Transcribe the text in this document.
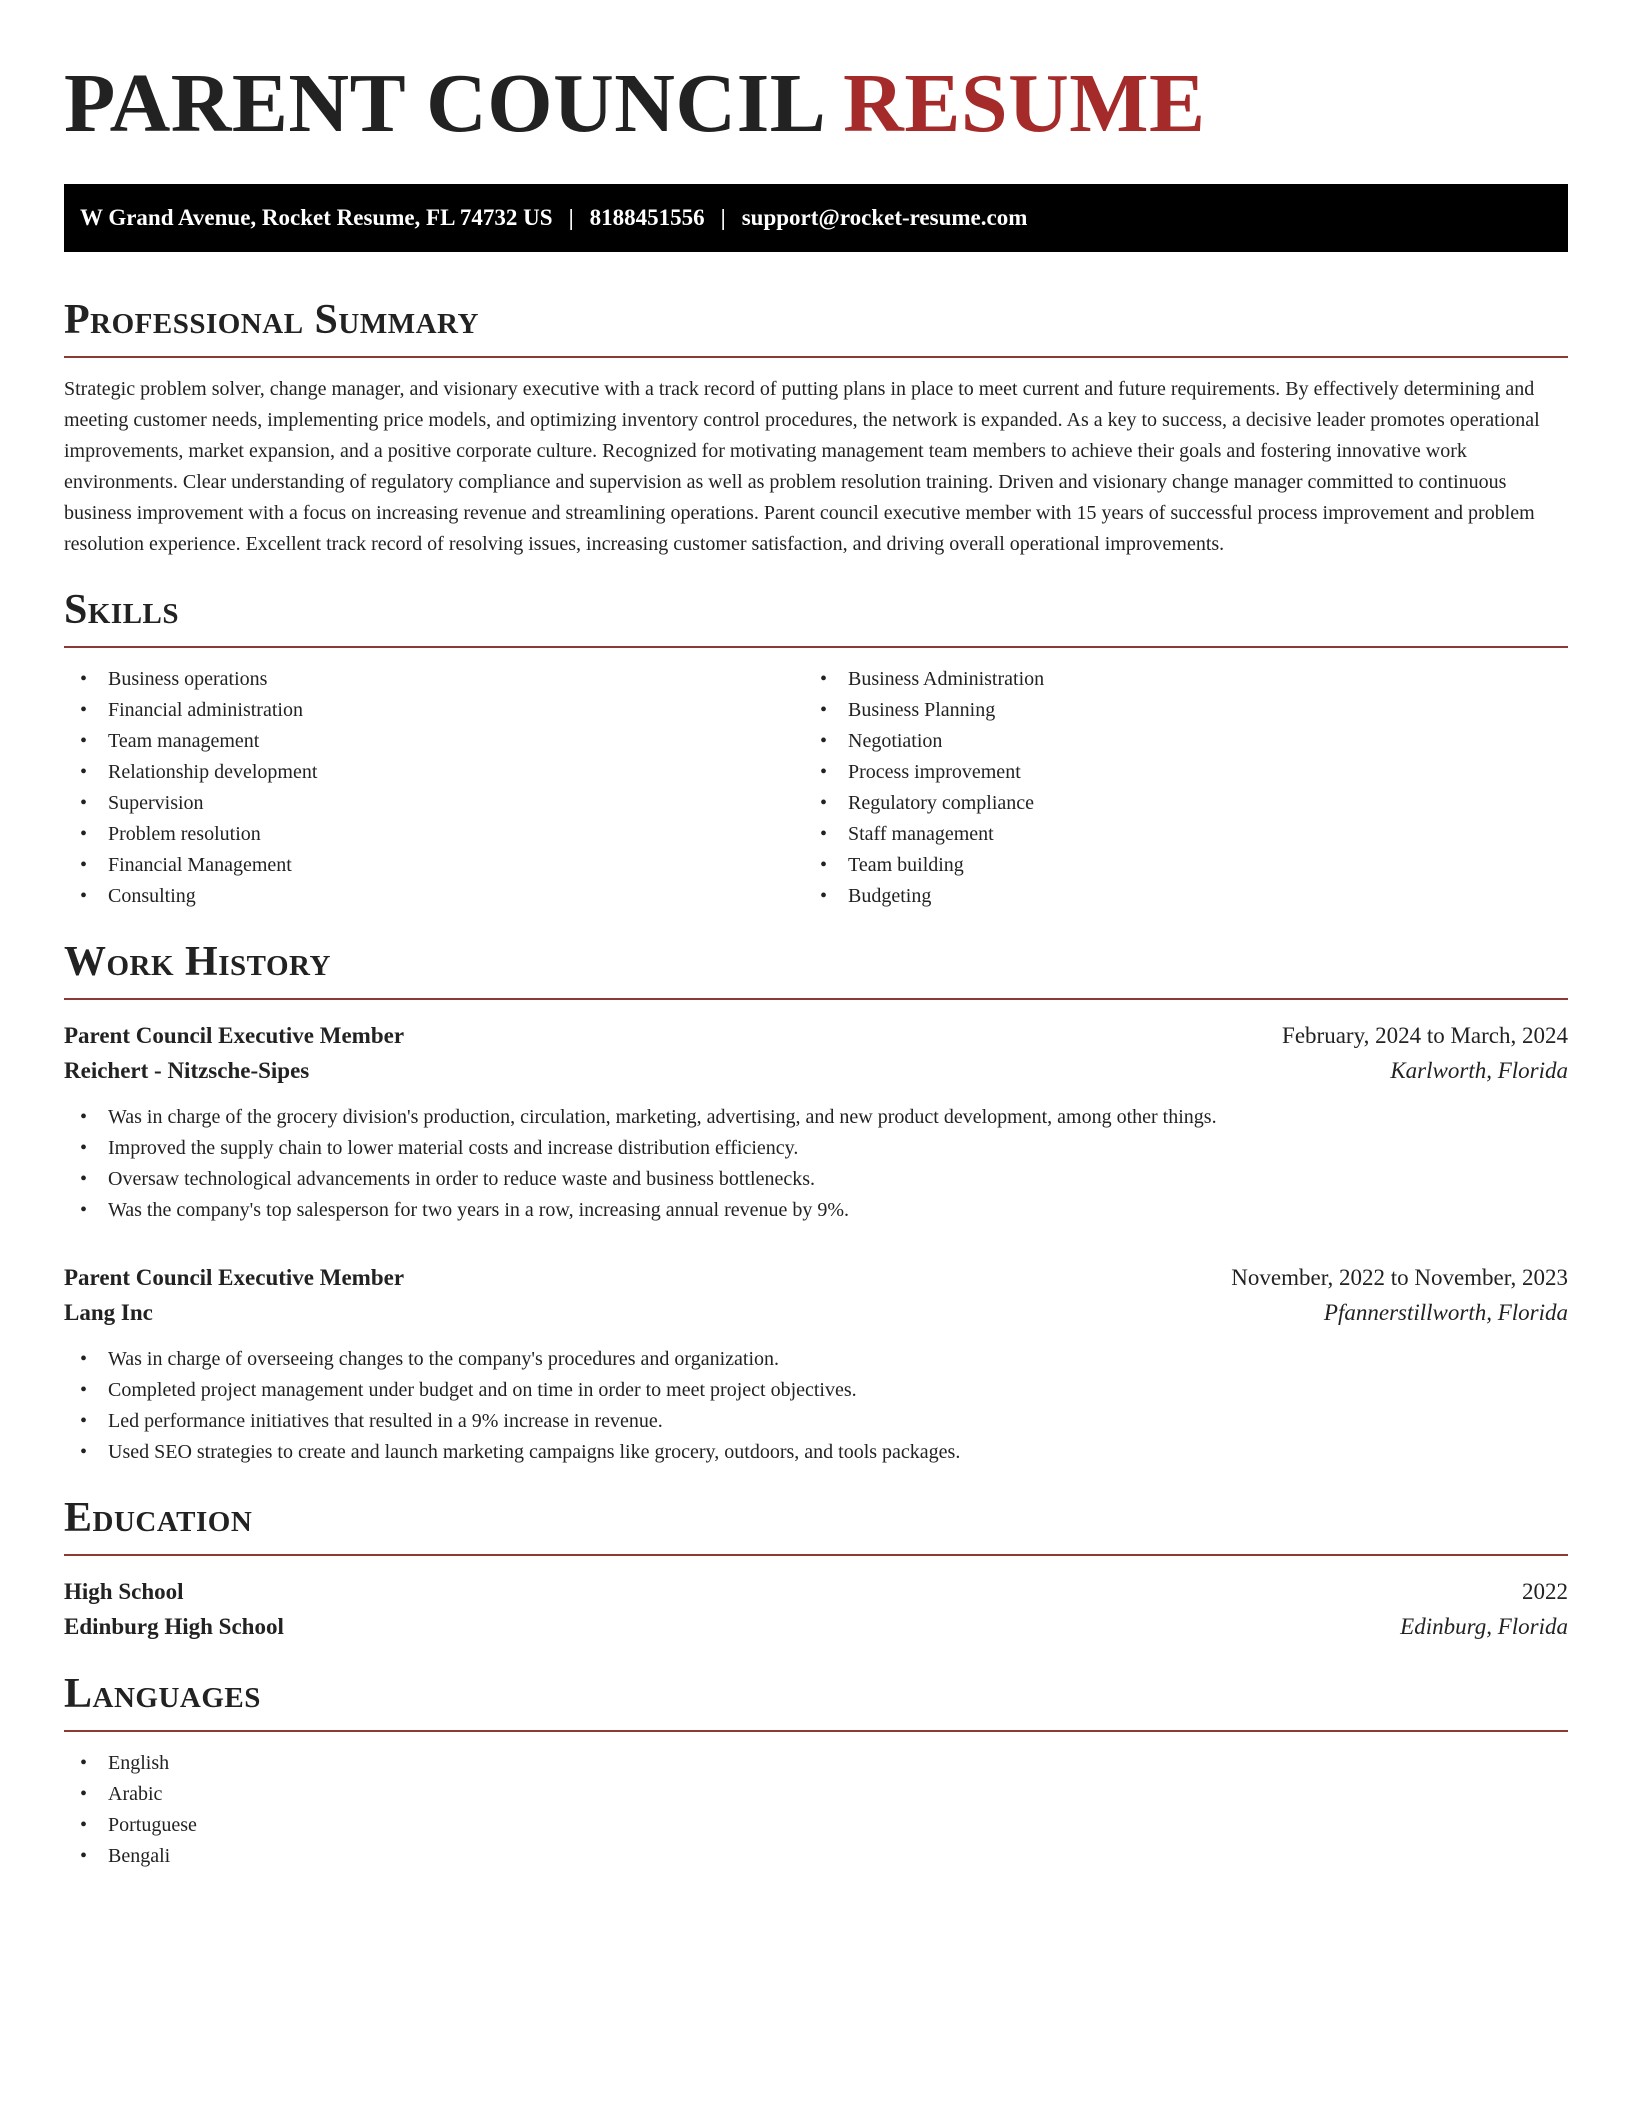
PARENT COUNCIL RESUME
W Grand Avenue, Rocket Resume, FL 74732 US | 8188451556 | support@rocket-resume.com
Professional Summary

Strategic problem solver, change manager, and visionary executive with a track record of putting plans in place to meet current and future requirements. By effectively determining and meeting customer needs, implementing price models, and optimizing inventory control procedures, the network is expanded. As a key to success, a decisive leader promotes operational improvements, market expansion, and a positive corporate culture. Recognized for motivating management team members to achieve their goals and fostering innovative work environments. Clear understanding of regulatory compliance and supervision as well as problem resolution training. Driven and visionary change manager committed to continuous business improvement with a focus on increasing revenue and streamlining operations. Parent council executive member with 15 years of successful process improvement and problem resolution experience. Excellent track record of resolving issues, increasing customer satisfaction, and driving overall operational improvements.

Skills
• Business operations
• Financial administration
• Team management
• Relationship development
• Supervision
• Problem resolution
• Financial Management
• Consulting
• Business Administration
• Business Planning
• Negotiation
• Process improvement
• Regulatory compliance
• Staff management
• Team building
• Budgeting
Work History
Parent Council Executive Member	February, 2024 to March, 2024
Reichert - Nitzsche-Sipes	Karlworth, Florida
• Was in charge of the grocery division's production, circulation, marketing, advertising, and new product development, among other things.
• Improved the supply chain to lower material costs and increase distribution efficiency.
• Oversaw technological advancements in order to reduce waste and business bottlenecks.
• Was the company's top salesperson for two years in a row, increasing annual revenue by 9%.
Parent Council Executive Member	November, 2022 to November, 2023
Lang Inc	Pfannerstillworth, Florida
• Was in charge of overseeing changes to the company's procedures and organization.
• Completed project management under budget and on time in order to meet project objectives.
• Led performance initiatives that resulted in a 9% increase in revenue.
• Used SEO strategies to create and launch marketing campaigns like grocery, outdoors, and tools packages.
Education
High School	2022
Edinburg High School	Edinburg, Florida
Languages
• English
• Arabic
• Portuguese
• Bengali
